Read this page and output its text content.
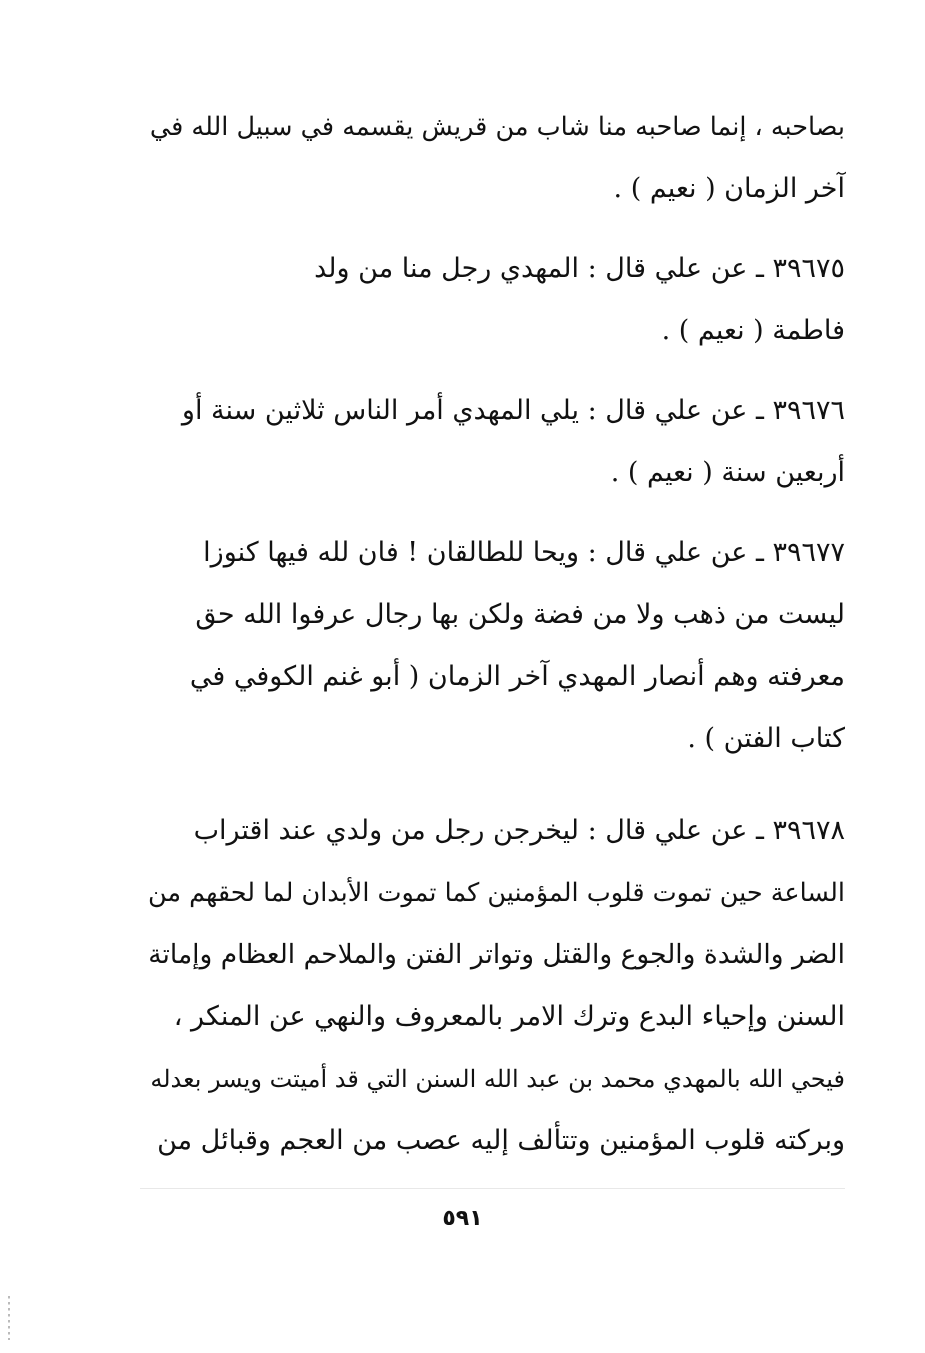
بصاحبه ، إنما صاحبه منا شاب من قريش يقسمه في سبيل الله في
آخر الزمان ( نعيم ) .
٣٩٦٧٥ ـ عن علي قال : المهدي رجل منا من ولد
فاطمة ( نعيم ) .
٣٩٦٧٦ ـ عن علي قال : يلي المهدي أمر الناس ثلاثين سنة أو
أربعين سنة ( نعيم ) .
٣٩٦٧٧ ـ عن علي قال : ويحا للطالقان ! فان لله فيها كنوزا
ليست من ذهب ولا من فضة ولكن بها رجال عرفوا الله حق
معرفته وهم أنصار المهدي آخر الزمان ( أبو غنم الكوفي في
كتاب الفتن ) .
٣٩٦٧٨ ـ عن علي قال : ليخرجن رجل من ولدي عند اقتراب
الساعة حين تموت قلوب المؤمنين كما تموت الأبدان لما لحقهم من
الضر والشدة والجوع والقتل وتواتر الفتن والملاحم العظام وإماتة
السنن وإحياء البدع وترك الامر بالمعروف والنهي عن المنكر ،
فيحي الله بالمهدي محمد بن عبد الله السنن التي قد أميتت ويسر بعدله
وبركته قلوب المؤمنين وتتألف إليه عصب من العجم وقبائل من
٥٩١
